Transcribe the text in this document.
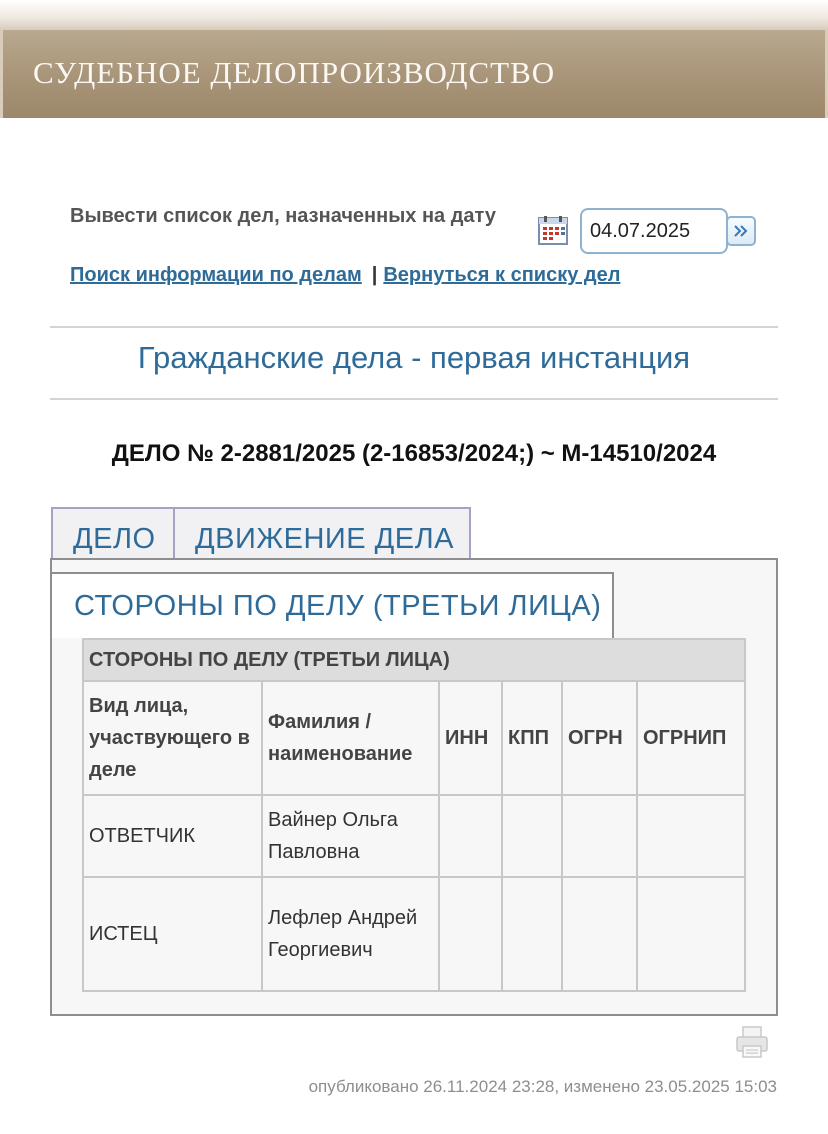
СУДЕБНОЕ ДЕЛОПРОИЗВОДСТВО
Вывести список дел, назначенных на дату
04.07.2025
Поиск информации по делам | Вернуться к списку дел
Гражданские дела - первая инстанция
ДЕЛО № 2-2881/2025 (2-16853/2024;) ~ М-14510/2024
ДЕЛО	ДВИЖЕНИЕ ДЕЛА
СТОРОНЫ ПО ДЕЛУ (ТРЕТЬИ ЛИЦА)
СТОРОНЫ ПО ДЕЛУ (ТРЕТЬИ ЛИЦА)					
Вид лица, участвующего в деле	Фамилия / наименование	ИНН	КПП	ОГРН	ОГРНИП
ОТВЕТЧИК	Вайнер Ольга Павловна				
ИСТЕЦ	Лефлер Андрей Георгиевич				
опубликовано 26.11.2024 23:28, изменено 23.05.2025 15:03
